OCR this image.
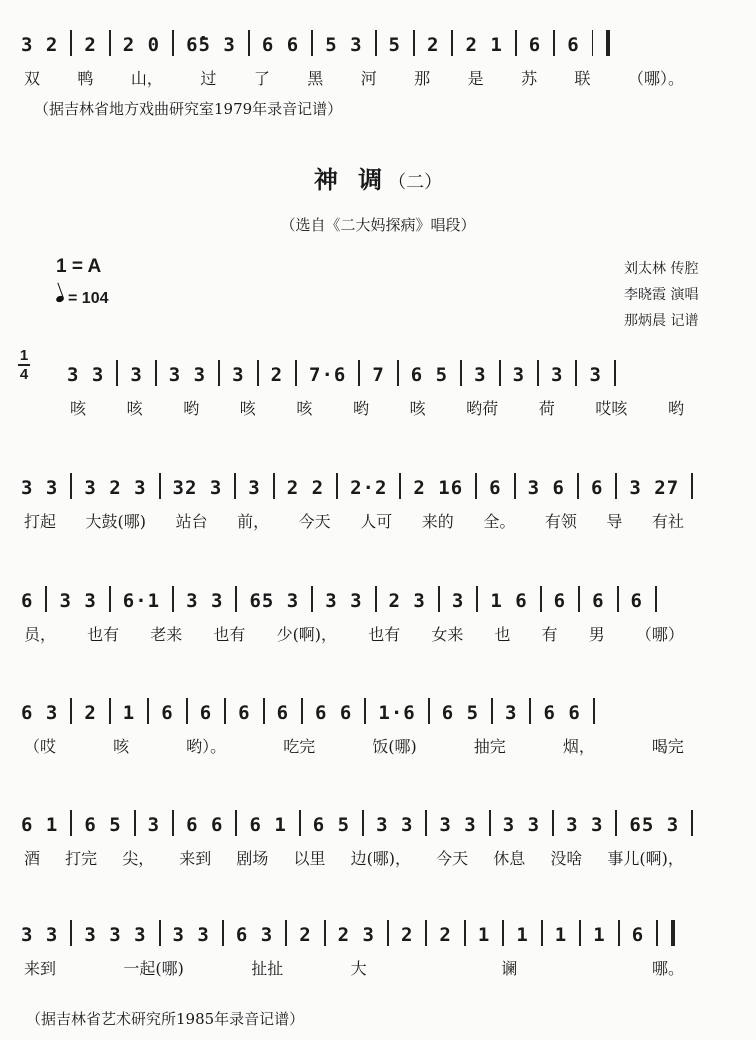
3 2 2 2 0 6̂5 3 6 6 5 3 5 2 2 1 6 6
双 鸭 山， 过 了 黑 河 那 是 苏 联 （哪）。
（据吉林省地方戏曲研究室1979年录音记谱）
神 调（二）
（选自《二大妈探病》唱段）
1 = A
= 104
刘太林 传腔
李晓霞 演唱
那炳晨 记谱
1
4 3 3 3 3 3 3 2 7·6 7 6 5 3 3 3 3
咳	咳	哟	咳	咳	哟	咳	哟荷	荷	哎咳	哟
3 3 3 2 3 32 3 3 2 2 2·2 2 16 6 3 6 6 3 27
打起 大鼓(哪) 站台 前， 今天 人可 来的 全。 有领 导 有社
6 3 3 6·1 3 3 65 3 3 3 2 3 3 1 6 6 6 6
员， 也有 老来 也有 少(啊)， 也有 女来 也 有 男 （哪）
6 3 2 1 6 6 6 6 6 6 1·6 6 5 3 6 6
（哎	咳	哟）。	吃完	饭(哪)	抽完	烟，	喝完
6 1 6 5 3 6 6 6 1 6 5 3 3 3 3 3 3 3 3 65 3
酒 打完 尖， 来到 剧场 以里 边(哪)， 今天 休息 没啥 事儿(啊)，
3 3 3 3 3 3 3 6 3 2 2 3 2 2 1 1 1 1 6
来到	一起(哪)	扯扯	大	谰	哪。
（据吉林省艺术研究所1985年录音记谱）
